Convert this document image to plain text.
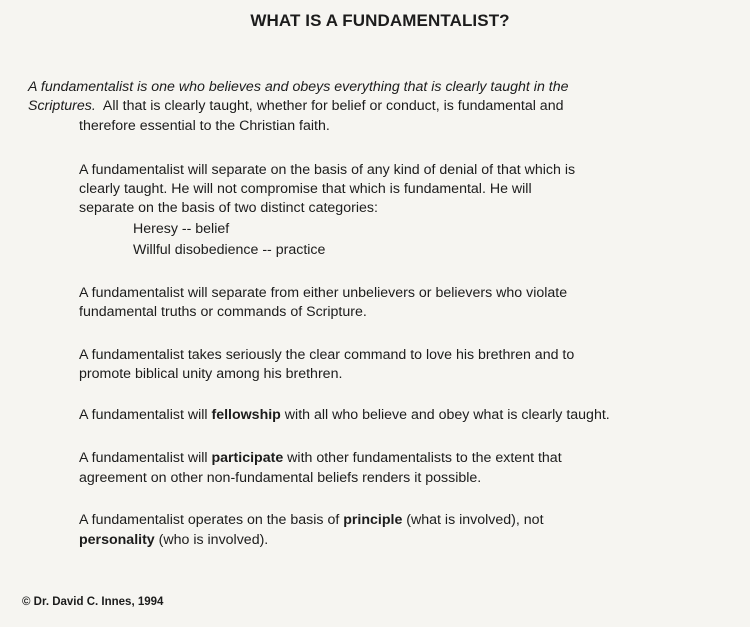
WHAT IS A FUNDAMENTALIST?
A fundamentalist is one who believes and obeys everything that is clearly taught in the
Scriptures. All that is clearly taught, whether for belief or conduct, is fundamental and
therefore essential to the Christian faith.
A fundamentalist will separate on the basis of any kind of denial of that which is
clearly taught. He will not compromise that which is fundamental. He will
separate on the basis of two distinct categories:
Heresy -- belief
Willful disobedience -- practice
A fundamentalist will separate from either unbelievers or believers who violate
fundamental truths or commands of Scripture.
A fundamentalist takes seriously the clear command to love his brethren and to
promote biblical unity among his brethren.
A fundamentalist will fellowship with all who believe and obey what is clearly taught.
A fundamentalist will participate with other fundamentalists to the extent that
agreement on other non-fundamental beliefs renders it possible.
A fundamentalist operates on the basis of principle (what is involved), not
personality (who is involved).
© Dr. David C. Innes, 1994
